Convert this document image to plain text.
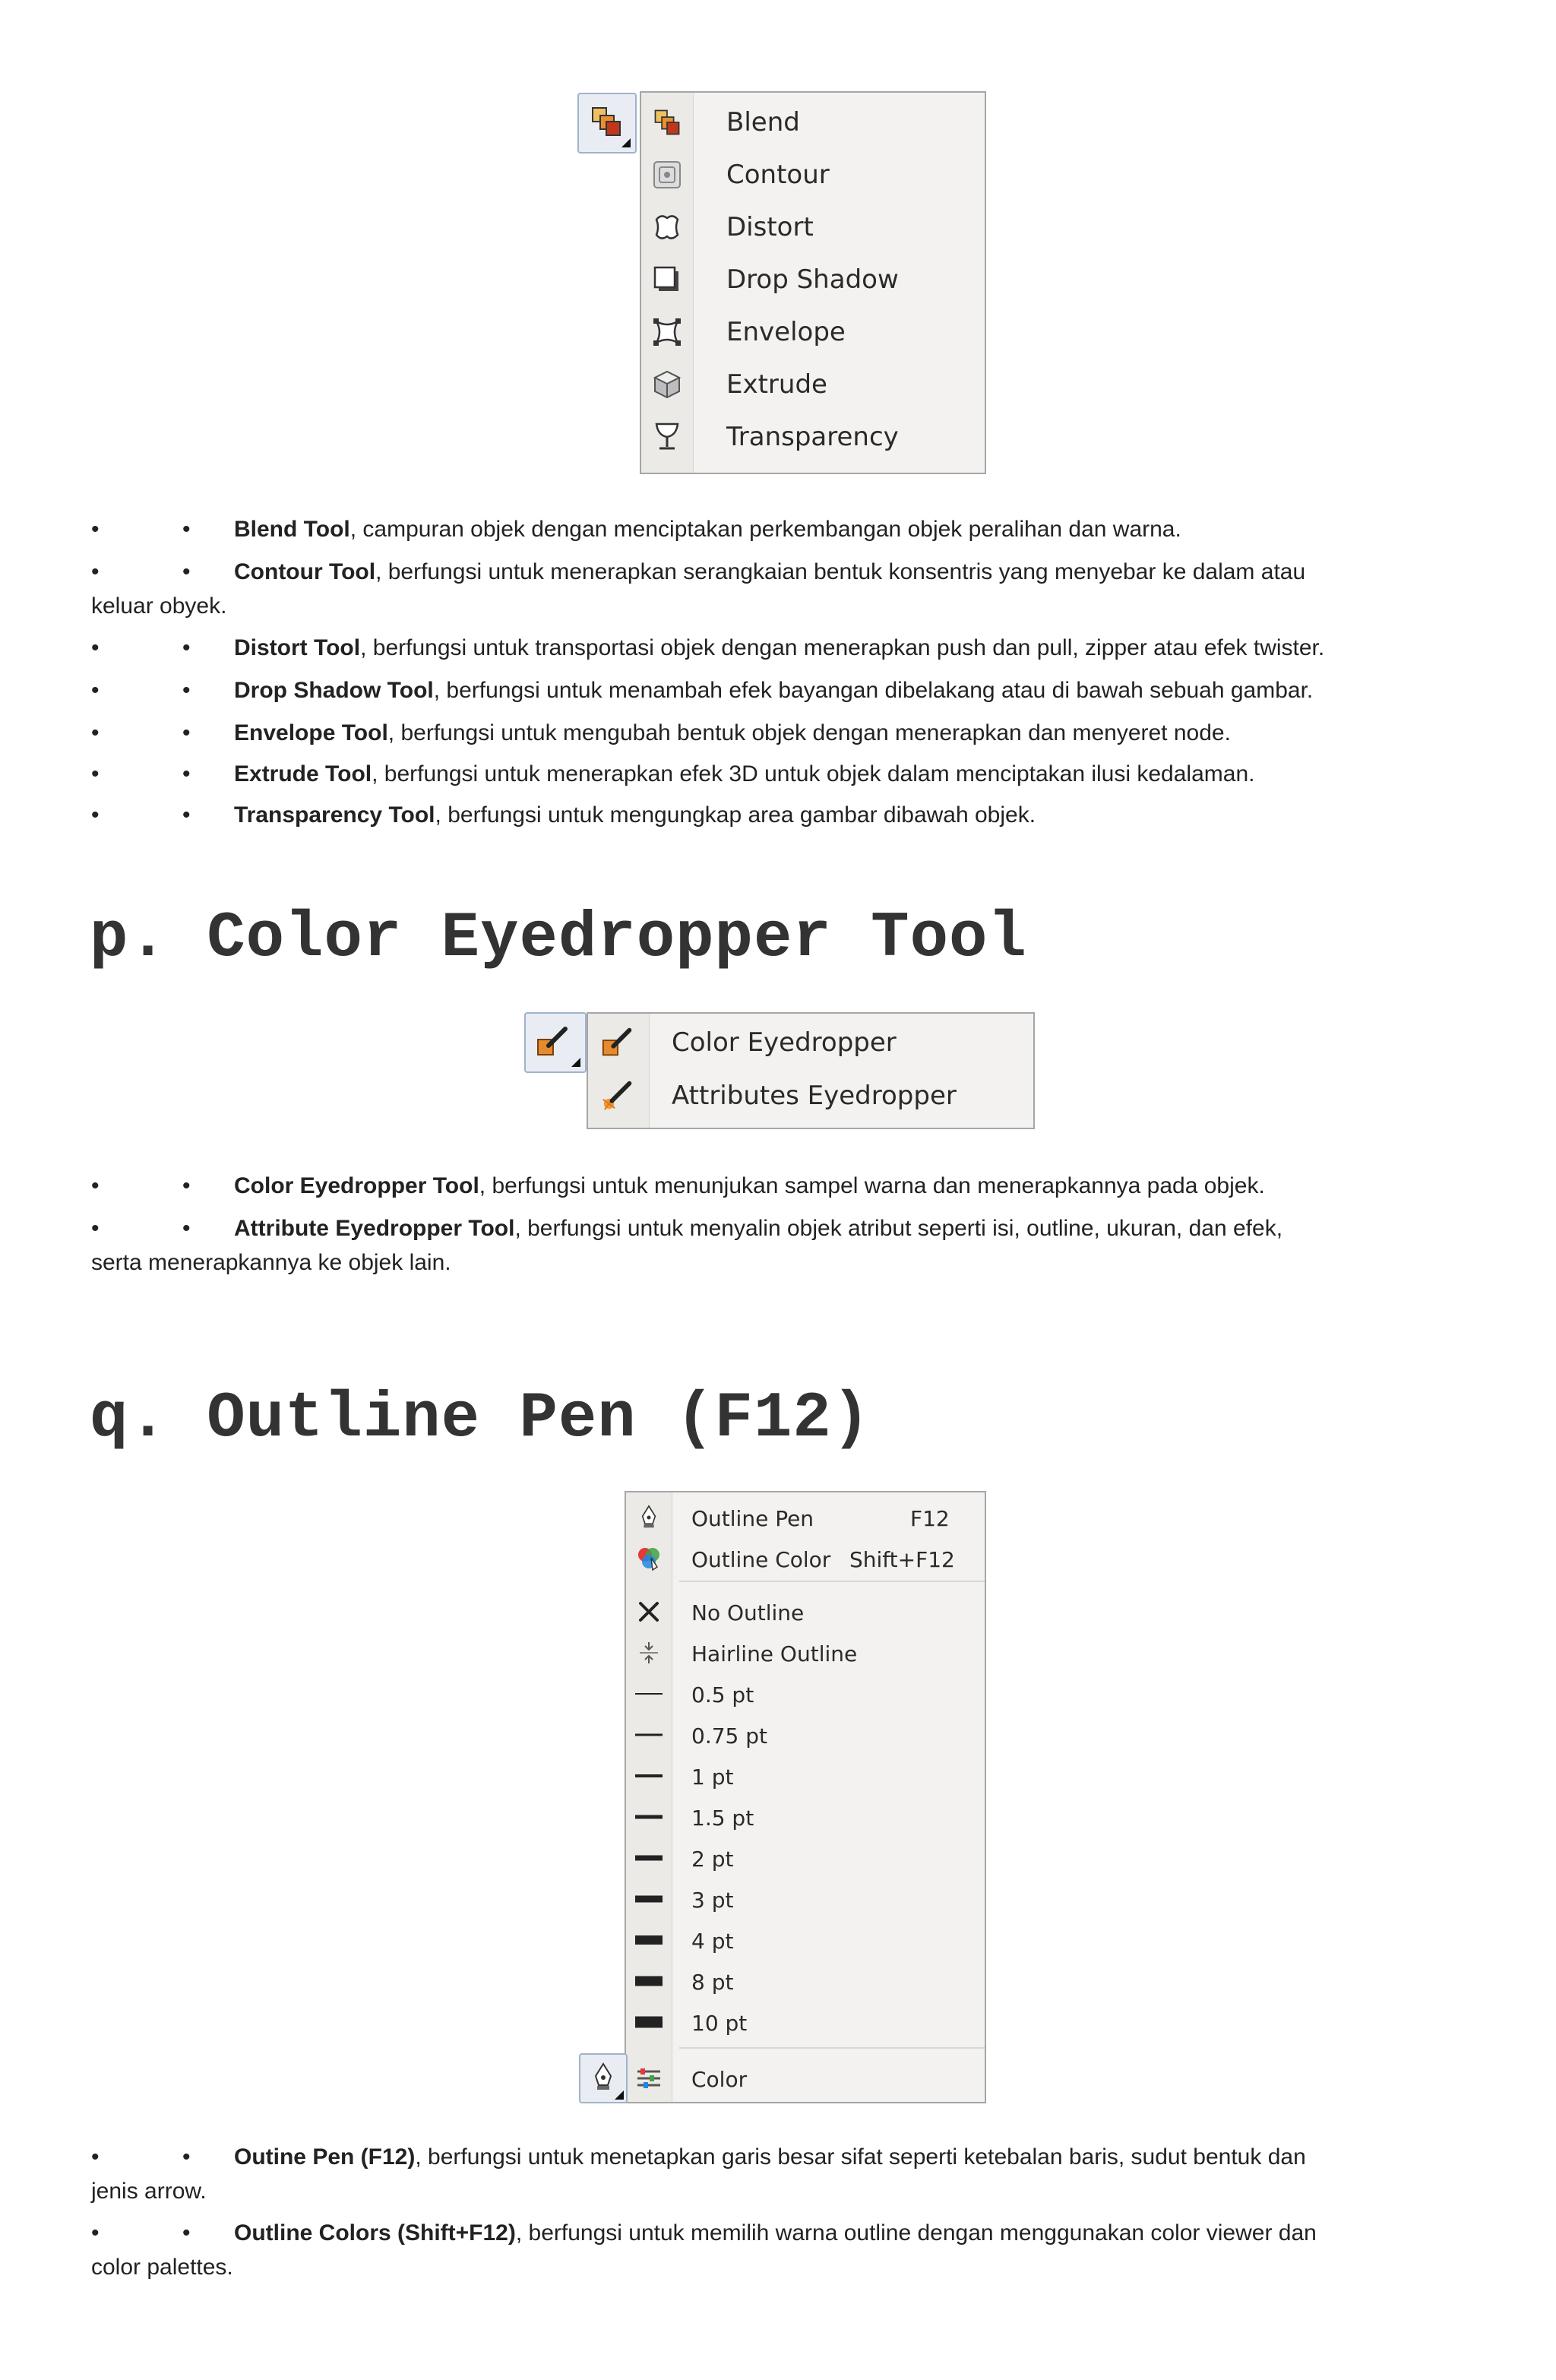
Blend
Contour
Distort
Drop Shadow
Envelope
Extrude
Transparency
•	• Blend Tool, campuran objek dengan menciptakan perkembangan objek peralihan dan warna.
•	• Contour Tool, berfungsi untuk menerapkan serangkaian bentuk konsentris yang menyebar ke dalam atau
keluar obyek.
•	• Distort Tool, berfungsi untuk transportasi objek dengan menerapkan push dan pull, zipper atau efek twister.
•	• Drop Shadow Tool, berfungsi untuk menambah efek bayangan dibelakang atau di bawah sebuah gambar.
•	• Envelope Tool, berfungsi untuk mengubah bentuk objek dengan menerapkan dan menyeret node.
•	• Extrude Tool, berfungsi untuk menerapkan efek 3D untuk objek dalam menciptakan ilusi kedalaman.
•	• Transparency Tool, berfungsi untuk mengungkap area gambar dibawah objek.
p. Color Eyedropper Tool
Color Eyedropper
Attributes Eyedropper
•	• Color Eyedropper Tool, berfungsi untuk menunjukan sampel warna dan menerapkannya pada objek.
•	• Attribute Eyedropper Tool, berfungsi untuk menyalin objek atribut seperti isi, outline, ukuran, dan efek,
serta menerapkannya ke objek lain.
q. Outline Pen (F12)
Outline Pen	F12
Outline Color Shift+F12
No Outline
Hairline Outline
0.5 pt
0.75 pt
1 pt
1.5 pt
2 pt
3 pt
4 pt
8 pt
10 pt
Color
•	• Outine Pen (F12), berfungsi untuk menetapkan garis besar sifat seperti ketebalan baris, sudut bentuk dan
jenis arrow.
•	• Outline Colors (Shift+F12), berfungsi untuk memilih warna outline dengan menggunakan color viewer dan
color palettes.
